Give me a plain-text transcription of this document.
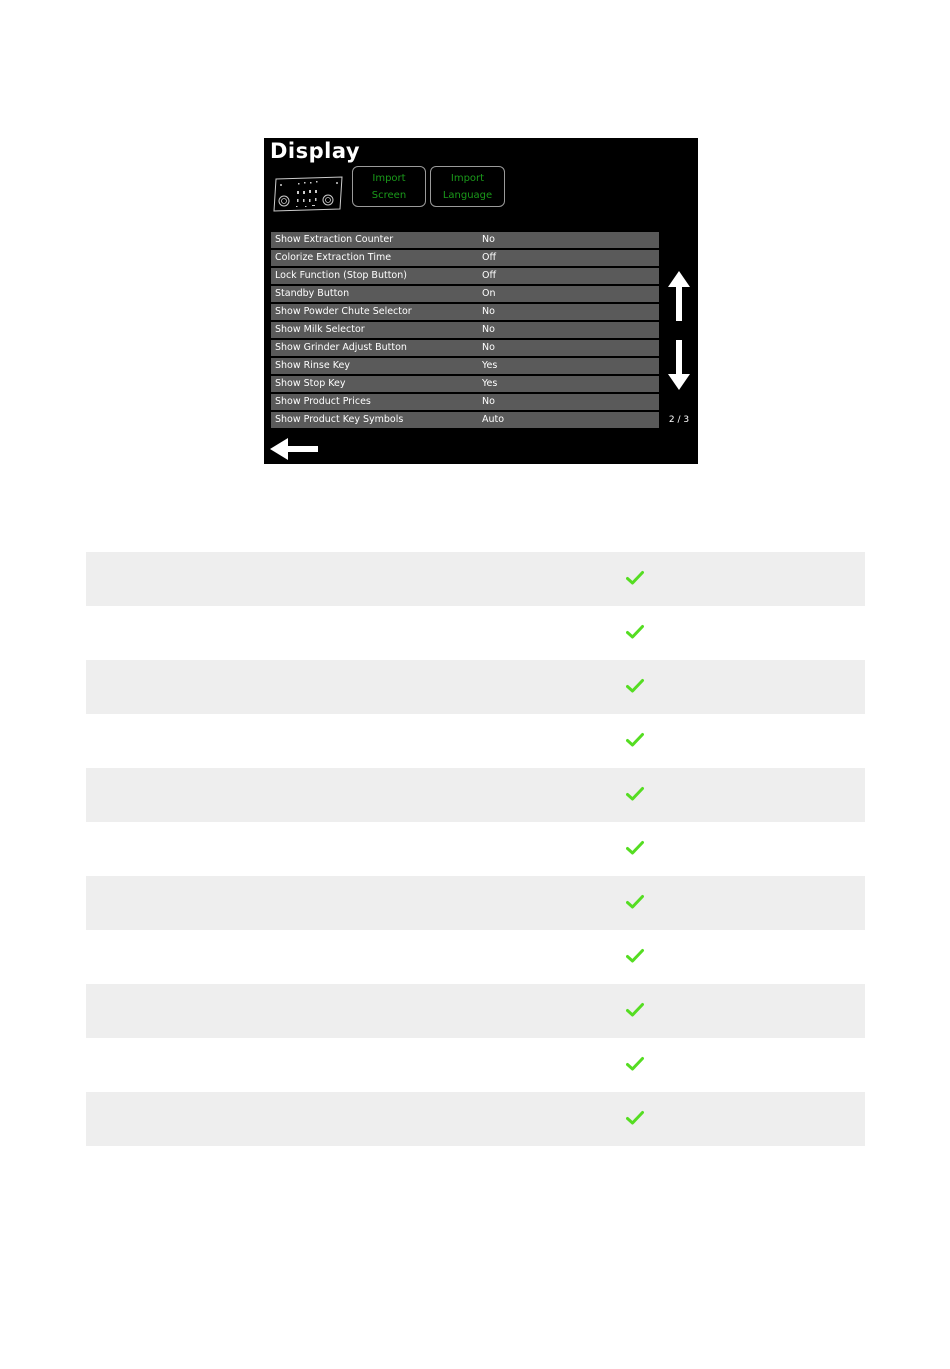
Display
Import
Screen
Import
Language
Show Extraction Counter	No
Colorize Extraction Time	Off
Lock Function (Stop Button)	Off
Standby Button	On
Show Powder Chute Selector	No
Show Milk Selector	No
Show Grinder Adjust Button	No
Show Rinse Key	Yes
Show Stop Key	Yes
Show Product Prices	No
Show Product Key Symbols	Auto	2 / 3
